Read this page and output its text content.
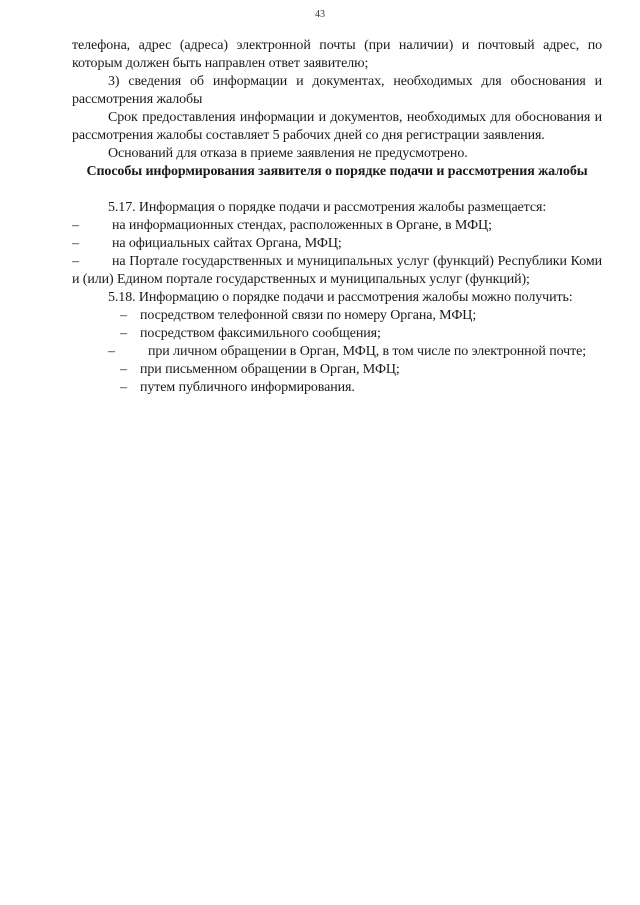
43

телефона, адрес (адреса) электронной почты (при наличии) и почтовый адрес, по которым должен быть направлен ответ заявителю;

3) сведения об информации и документах, необходимых для обоснования и рассмотрения жалобы

Срок предоставления информации и документов, необходимых для обоснования и рассмотрения жалобы составляет 5 рабочих дней со дня регистрации заявления.

Оснований для отказа в приеме заявления не предусмотрено.

Способы информирования заявителя о порядке подачи и рассмотрения жалобы

5.17. Информация о порядке подачи и рассмотрения жалобы размещается:

–	на информационных стендах, расположенных в Органе, в МФЦ;
–	на официальных сайтах Органа, МФЦ;

– на Портале государственных и муниципальных услуг (функций) Республики Коми и (или) Едином портале государственных и муниципальных услуг (функций);

5.18. Информацию о порядке подачи и рассмотрения жалобы можно получить:

– посредством телефонной связи по номеру Органа, МФЦ;
– посредством факсимильного сообщения;

– при личном обращении в Орган, МФЦ, в том числе по электронной почте;

– при письменном обращении в Орган, МФЦ;
– путем публичного информирования.
